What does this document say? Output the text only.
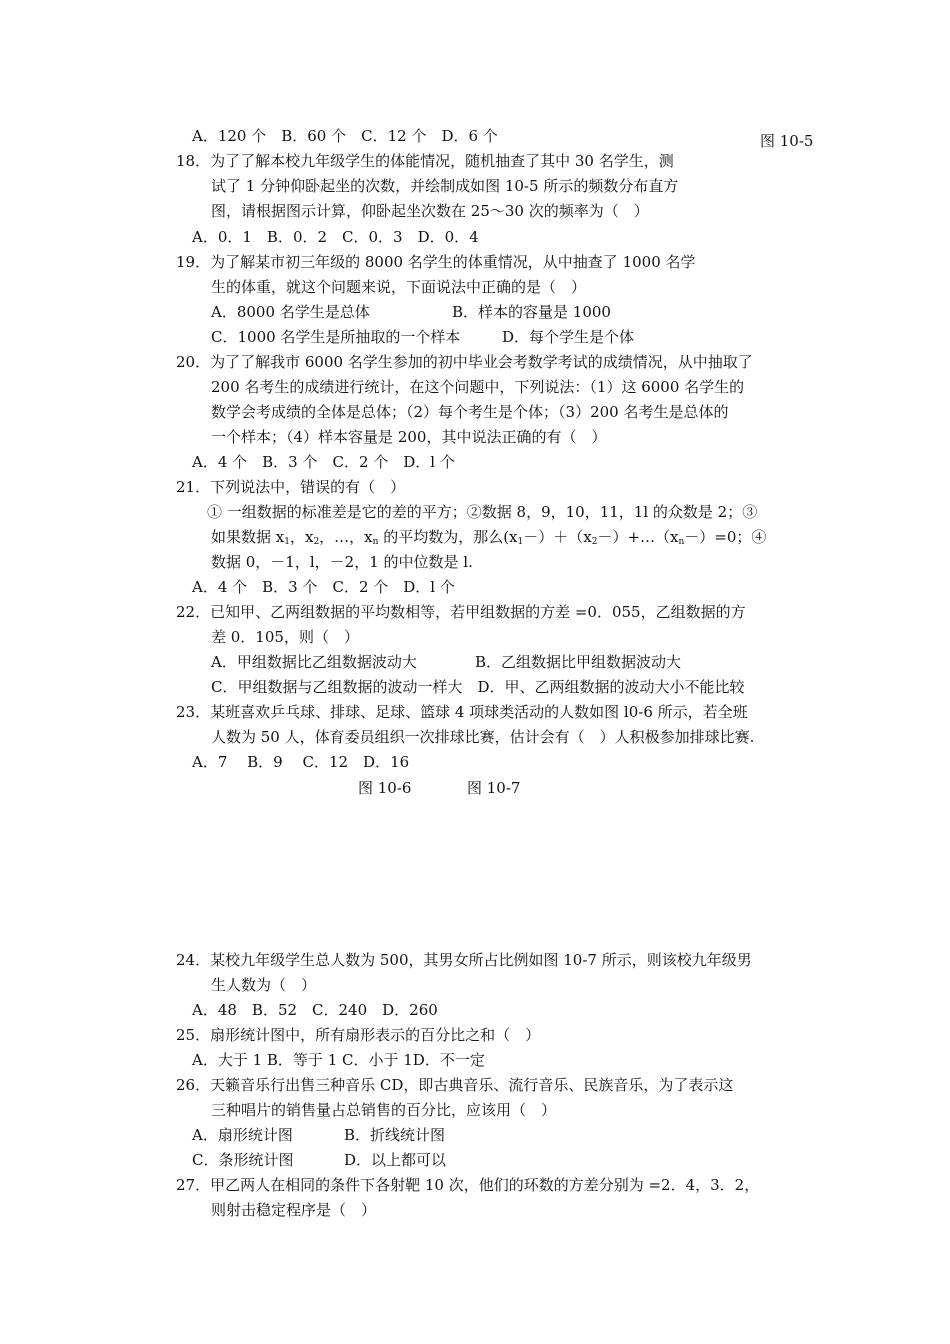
A．120 个　B．60 个　C．12 个　D．6 个
18．为了了解本校九年级学生的体能情况，随机抽查了其中 30 名学生，测
试了 1 分钟仰卧起坐的次数，并绘制成如图 10-5 所示的频数分布直方
图，请根据图示计算，仰卧起坐次数在 25～30 次的频率为（　）
A．0．1　B．0．2　C．0．3　D．0．4
19．为了解某市初三年级的 8000 名学生的体重情况，从中抽查了 1000 名学
生的体重，就这个问题来说，下面说法中正确的是（　）
A．8000 名学生是总体	B．样本的容量是 1000
C．1000 名学生是所抽取的一个样本	D．每个学生是个体
20．为了了解我市 6000 名学生参加的初中毕业会考数学考试的成绩情况，从中抽取了
200 名考生的成绩进行统计，在这个问题中，下列说法：（1）这 6000 名学生的
数学会考成绩的全体是总体；（2）每个考生是个体；（3）200 名考生是总体的
一个样本；（4）样本容量是 200，其中说法正确的有（　）
A．4 个　B．3 个　C．2 个　D．l 个
21．下列说法中，错误的有（　）
① 一组数据的标准差是它的差的平方；②数据 8，9，10，11，1l 的众数是 2；③
数据 0，－1，l，－2，1 的中位数是 l.
A．4 个　B．3 个　C．2 个　D．l 个
22．已知甲、乙两组数据的平均数相等，若甲组数据的方差 =0．055，乙组数据的方
差 0．105，则（　）
A．甲组数据比乙组数据波动大	B．乙组数据比甲组数据波动大
C．甲组数据与乙组数据的波动一样大　D．甲、乙两组数据的波动大小不能比较
23．某班喜欢乒乓球、排球、足球、篮球 4 项球类活动的人数如图 l0-6 所示，若全班
人数为 50 人，体育委员组织一次排球比赛，估计会有（　）人积极参加排球比赛.
A．7　 B．9　 C．12　D．16
24．某校九年级学生总人数为 500，其男女所占比例如图 10-7 所示，则该校九年级男
生人数为（　）
A．48　B．52　C．240　D．260
25．扇形统计图中，所有扇形表示的百分比之和（　）
A．大于 1 B．等于 1 C．小于 1D．不一定
26．天籁音乐行出售三种音乐 CD，即古典音乐、流行音乐、民族音乐，为了表示这
三种唱片的销售量占总销售的百分比，应该用（　）
A．扇形统计图	B．折线统计图
C．条形统计图	D．以上都可以
27．甲乙两人在相同的条件下各射靶 10 次，他们的环数的方差分别为 =2．4，3．2，
则射击稳定程序是（　）
如果数据 $x_1$，$x_2$，…，$x_n$ 的平均数为，那么$(x_1-)+(x_2-)+\dots(x_n-)=0$；④
图 10-5
图 10-6	图 10-7
